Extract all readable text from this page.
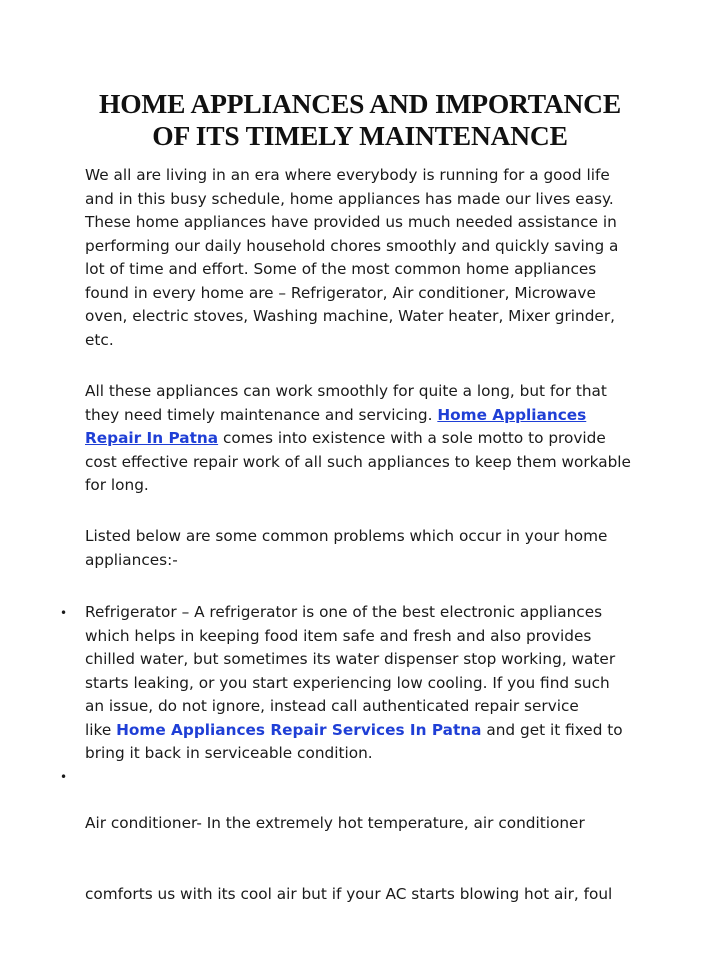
HOME APPLIANCES AND IMPORTANCE
OF ITS TIMELY MAINTENANCE
We all are living in an era where everybody is running for a good life
and in this busy schedule, home appliances has made our lives easy.
These home appliances have provided us much needed assistance in
performing our daily household chores smoothly and quickly saving a
lot of time and effort. Some of the most common home appliances
found in every home are – Refrigerator, Air conditioner, Microwave
oven, electric stoves, Washing machine, Water heater, Mixer grinder,
etc.
All these appliances can work smoothly for quite a long, but for that
they need timely maintenance and servicing. Home Appliances
Repair In Patna comes into existence with a sole motto to provide
cost effective repair work of all such appliances to keep them workable
for long.
Listed below are some common problems which occur in your home
appliances:-
• Refrigerator – A refrigerator is one of the best electronic appliances
which helps in keeping food item safe and fresh and also provides
chilled water, but sometimes its water dispenser stop working, water
starts leaking, or you start experiencing low cooling. If you find such
an issue, do not ignore, instead call authenticated repair service
like Home Appliances Repair Services In Patna and get it fixed to
bring it back in serviceable condition.
•

Air conditioner- In the extremely hot temperature, air conditioner

comforts us with its cool air but if your AC starts blowing hot air, foul
